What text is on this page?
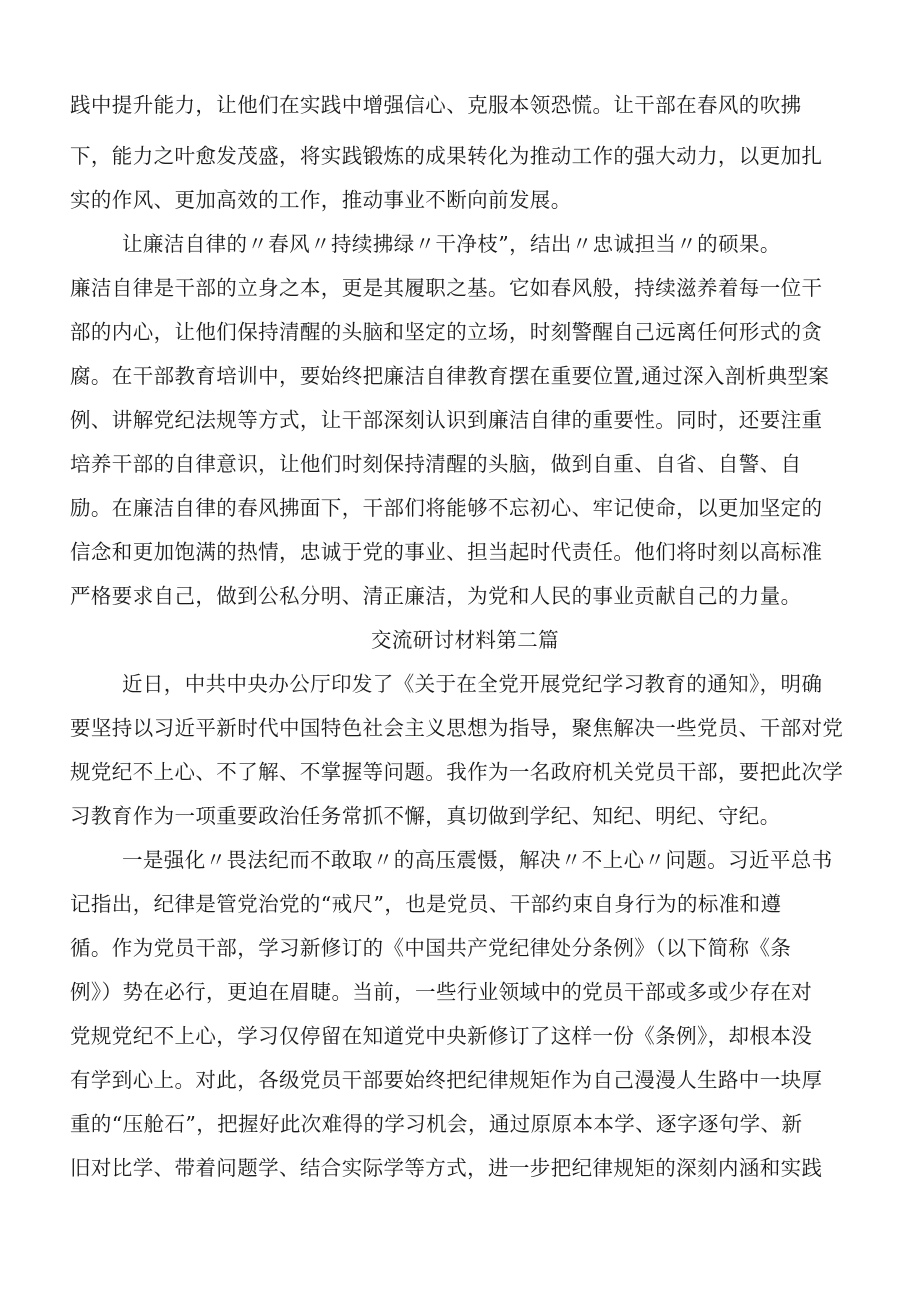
践中提升能力，让他们在实践中增强信心、克服本领恐慌。让干部在春风的吹拂
下，能力之叶愈发茂盛，将实践锻炼的成果转化为推动工作的强大动力，以更加扎
实的作风、更加高效的工作，推动事业不断向前发展。
让廉洁自律的〃春风〃持续拂绿〃干净枝”，结出〃忠诚担当〃的硕果。
廉洁自律是干部的立身之本，更是其履职之基。它如春风般，持续滋养着每一位干
部的内心，让他们保持清醒的头脑和坚定的立场，时刻警醒自己远离任何形式的贪
腐。在干部教育培训中，要始终把廉洁自律教育摆在重要位置,通过深入剖析典型案
例、讲解党纪法规等方式，让干部深刻认识到廉洁自律的重要性。同时，还要注重
培养干部的自律意识，让他们时刻保持清醒的头脑，做到自重、自省、自警、自
励。在廉洁自律的春风拂面下，干部们将能够不忘初心、牢记使命，以更加坚定的
信念和更加饱满的热情，忠诚于党的事业、担当起时代责任。他们将时刻以高标准
严格要求自己，做到公私分明、清正廉洁，为党和人民的事业贡献自己的力量。
交流研讨材料第二篇
近日，中共中央办公厅印发了《关于在全党开展党纪学习教育的通知》，明确
要坚持以习近平新时代中国特色社会主义思想为指导，聚焦解决一些党员、干部对党
规党纪不上心、不了解、不掌握等问题。我作为一名政府机关党员干部，要把此次学
习教育作为一项重要政治任务常抓不懈，真切做到学纪、知纪、明纪、守纪。
一是强化〃畏法纪而不敢取〃的高压震慑，解决〃不上心〃问题。习近平总书
记指出，纪律是管党治党的“戒尺”，也是党员、干部约束自身行为的标准和遵
循。作为党员干部，学习新修订的《中国共产党纪律处分条例》（以下简称《条
例》）势在必行，更迫在眉睫。当前，一些行业领域中的党员干部或多或少存在对
党规党纪不上心，学习仅停留在知道党中央新修订了这样一份《条例》，却根本没
有学到心上。对此，各级党员干部要始终把纪律规矩作为自己漫漫人生路中一块厚
重的“压舱石”，把握好此次难得的学习机会，通过原原本本学、逐字逐句学、新
旧对比学、带着问题学、结合实际学等方式，进一步把纪律规矩的深刻内涵和实践
